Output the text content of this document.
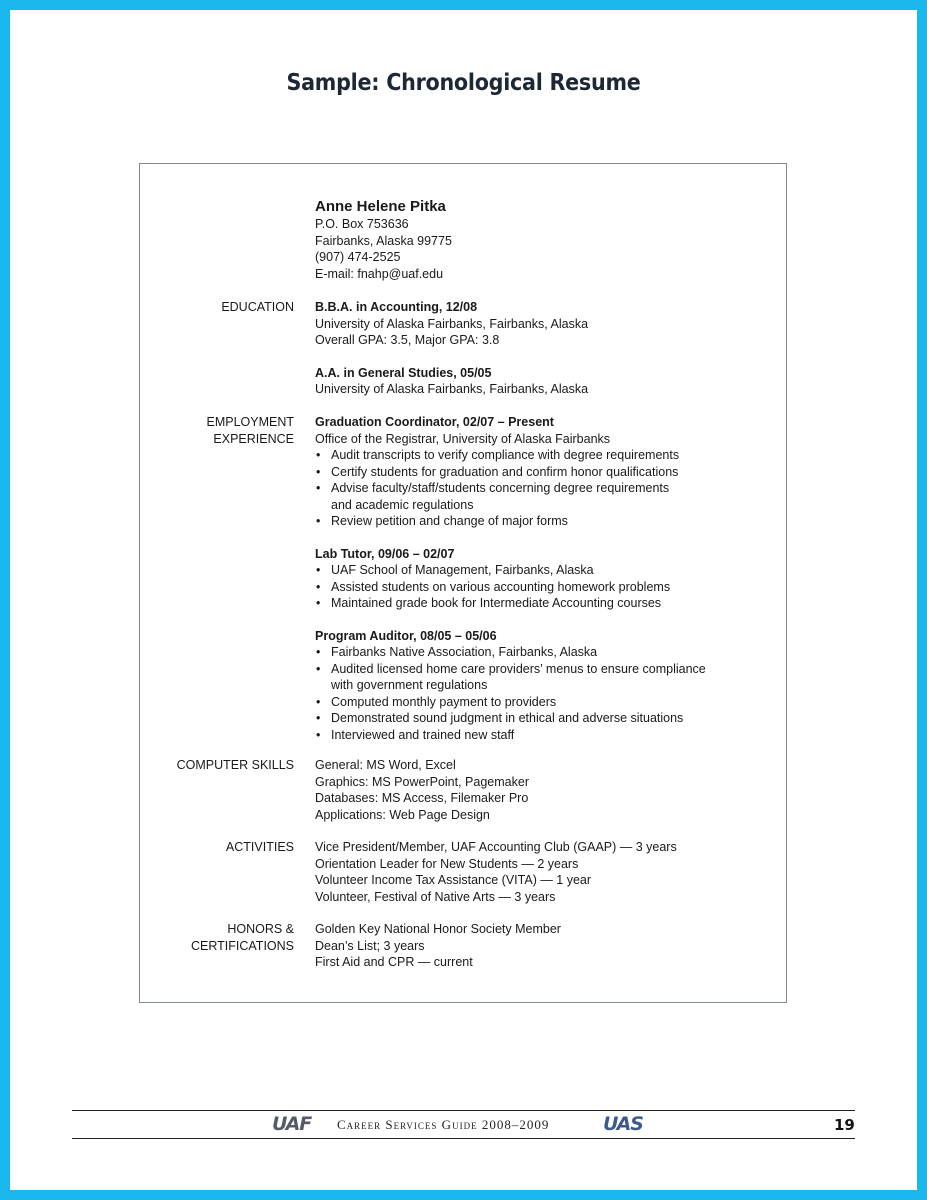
Sample: Chronological Resume
Anne Helene Pitka
P.O. Box 753636
Fairbanks, Alaska 99775
(907) 474-2525
E-mail: fnahp@uaf.edu
EDUCATION B.B.A. in Accounting, 12/08
University of Alaska Fairbanks, Fairbanks, Alaska
Overall GPA: 3.5, Major GPA: 3.8
A.A. in General Studies, 05/05
University of Alaska Fairbanks, Fairbanks, Alaska
EMPLOYMENT
EXPERIENCE
Graduation Coordinator, 02/07 – Present
Office of the Registrar, University of Alaska Fairbanks
• Audit transcripts to verify compliance with degree requirements
• Certify students for graduation and confirm honor qualifications
• Advise faculty/staff/students concerning degree requirements
and academic regulations
• Review petition and change of major forms
Lab Tutor, 09/06 – 02/07
• UAF School of Management, Fairbanks, Alaska
• Assisted students on various accounting homework problems
• Maintained grade book for Intermediate Accounting courses
Program Auditor, 08/05 – 05/06
• Fairbanks Native Association, Fairbanks, Alaska
• Audited licensed home care providers’ menus to ensure compliance
with government regulations
• Computed monthly payment to providers
• Demonstrated sound judgment in ethical and adverse situations
• Interviewed and trained new staff
COMPUTER SKILLS General: MS Word, Excel
Graphics: MS PowerPoint, Pagemaker
Databases: MS Access, Filemaker Pro
Applications: Web Page Design
ACTIVITIES Vice President/Member, UAF Accounting Club (GAAP) — 3 years
Orientation Leader for New Students — 2 years
Volunteer Income Tax Assistance (VITA) — 1 year
Volunteer, Festival of Native Arts — 3 years
HONORS &
CERTIFICATIONS
Golden Key National Honor Society Member
Dean’s List; 3 years
First Aid and CPR — current
UAF Career Services Guide 2008–2009	UAS	19
